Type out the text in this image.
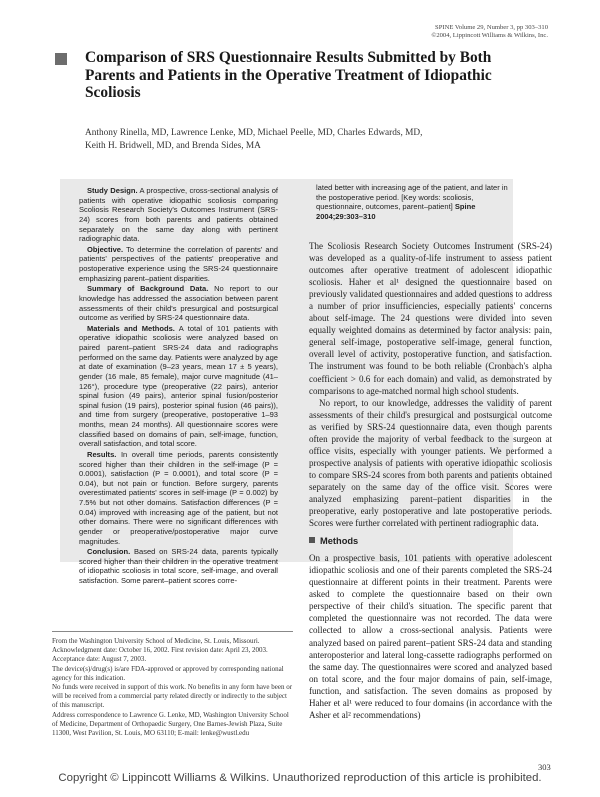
SPINE Volume 29, Number 3, pp 303–310
©2004, Lippincott Williams & Wilkins, Inc.
Comparison of SRS Questionnaire Results Submitted by Both Parents and Patients in the Operative Treatment of Idiopathic Scoliosis
Anthony Rinella, MD, Lawrence Lenke, MD, Michael Peelle, MD, Charles Edwards, MD,
Keith H. Bridwell, MD, and Brenda Sides, MA

Study Design. A prospective, cross-sectional analysis of patients with operative idiopathic scoliosis comparing Scoliosis Research Society's Outcomes Instrument (SRS-24) scores from both parents and patients obtained separately on the same day along with pertinent radiographic data.

Objective. To determine the correlation of parents' and patients' perspectives of the patients' preoperative and postoperative experience using the SRS-24 questionnaire emphasizing parent–patient disparities.

Summary of Background Data. No report to our knowledge has addressed the association between parent assessments of their child's presurgical and postsurgical outcome as verified by SRS-24 questionnaire data.

Materials and Methods. A total of 101 patients with operative idiopathic scoliosis were analyzed based on paired parent–patient SRS-24 data and radiographs performed on the same day. Patients were analyzed by age at date of examination (9–23 years, mean 17 ± 5 years), gender (16 male, 85 female), major curve magnitude (41–126°), procedure type (preoperative (22 pairs), anterior spinal fusion (49 pairs), anterior spinal fusion/posterior spinal fusion (19 pairs), posterior spinal fusion (46 pairs)), and time from surgery (preoperative, postoperative 1–93 months, mean 24 months). All questionnaire scores were classified based on domains of pain, self-image, function, overall satisfaction, and total score.

Results. In overall time periods, parents consistently scored higher than their children in the self-image (P = 0.0001), satisfaction (P = 0.0001), and total score (P = 0.04), but not pain or function. Before surgery, parents overestimated patients' scores in self-image (P = 0.002) by 7.5% but not other domains. Satisfaction differences (P = 0.04) improved with increasing age of the patient, but not other domains. There were no significant differences with gender or preoperative/postoperative major curve magnitudes.

Conclusion. Based on SRS-24 data, parents typically scored higher than their children in the operative treatment of idiopathic scoliosis in total score, self-image, and overall satisfaction. Some parent–patient scores corre-

lated better with increasing age of the patient, and later in the postoperative period. [Key words: scoliosis, questionnaire, outcomes, parent–patient] Spine 2004;29:303–310

The Scoliosis Research Society Outcomes Instrument (SRS-24) was developed as a quality-of-life instrument to assess patient outcomes after operative treatment of adolescent idiopathic scoliosis. Haher et al¹ designed the questionnaire based on previously validated questionnaires and added questions to address a number of prior insufficiencies, especially patients' concerns about self-image. The 24 questions were divided into seven equally weighted domains as determined by factor analysis: pain, general self-image, postoperative self-image, general function, overall level of activity, postoperative function, and satisfaction. The instrument was found to be both reliable (Cronbach's alpha coefficient > 0.6 for each domain) and valid, as demonstrated by comparisons to age-matched normal high school students.

No report, to our knowledge, addresses the validity of parent assessments of their child's presurgical and postsurgical outcome as verified by SRS-24 questionnaire data, even though parents often provide the majority of verbal feedback to the surgeon at office visits, especially with younger patients. We performed a prospective analysis of patients with operative idiopathic scoliosis to compare SRS-24 scores from both parents and patients obtained separately on the same day of the office visit. Scores were analyzed emphasizing parent–patient disparities in the preoperative, early postoperative and late postoperative periods. Scores were further correlated with pertinent radiographic data.

Methods

On a prospective basis, 101 patients with operative adolescent idiopathic scoliosis and one of their parents completed the SRS-24 questionnaire at different points in their treatment. Parents were asked to complete the questionnaire based on their own perspective of their child's situation. The specific parent that completed the questionnaire was not recorded. The data were collected to allow a cross-sectional analysis. Patients were analyzed based on paired parent–patient SRS-24 data and standing anteroposterior and lateral long-cassette radiographs performed on the same day. The questionnaires were scored and analyzed based on total score, and the four major domains of pain, self-image, function, and satisfaction. The seven domains as proposed by Haher et al¹ were reduced to four domains (in accordance with the Asher et al² recommendations)

From the Washington University School of Medicine, St. Louis, Missouri.

Acknowledgment date: October 16, 2002. First revision date: April 23, 2003. Acceptance date: August 7, 2003.

The device(s)/drug(s) is/are FDA-approved or approved by corresponding national agency for this indication.

No funds were received in support of this work. No benefits in any form have been or will be received from a commercial party related directly or indirectly to the subject of this manuscript.

Address correspondence to Lawrence G. Lenke, MD, Washington University School of Medicine, Department of Orthopaedic Surgery, One Barnes-Jewish Plaza, Suite 11300, West Pavilion, St. Louis, MO 63110; E-mail: lenke@wustl.edu

303
Copyright © Lippincott Williams & Wilkins. Unauthorized reproduction of this article is prohibited.
